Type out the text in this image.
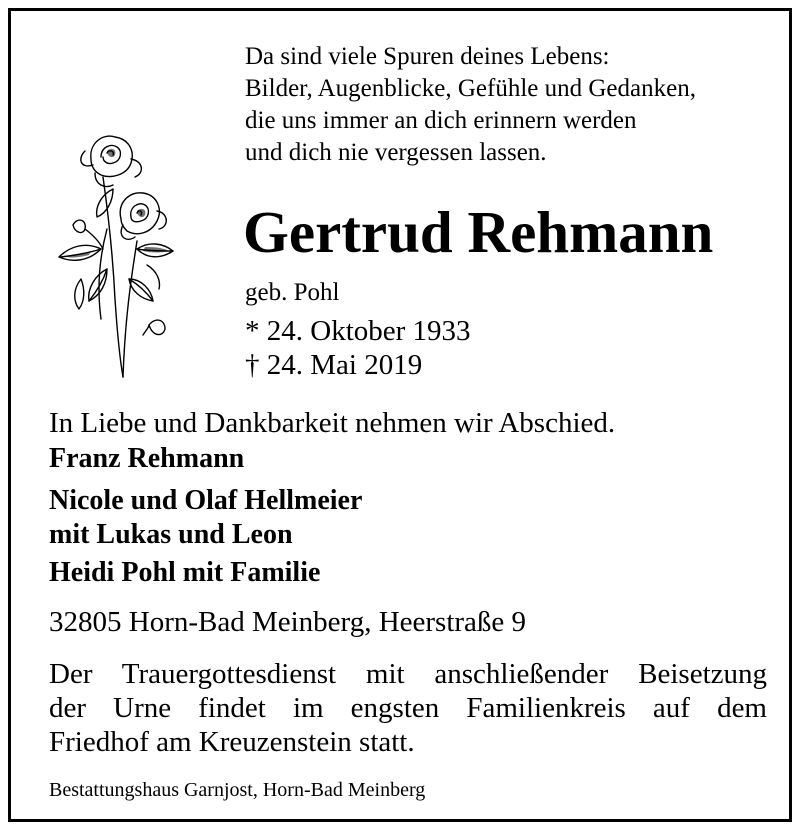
Da sind viele Spuren deines Lebens:
Bilder, Augenblicke, Gefühle und Gedanken,
die uns immer an dich erinnern werden
und dich nie vergessen lassen.
Gertrud Rehmann
geb. Pohl
* 24. Oktober 1933
† 24. Mai 2019
In Liebe und Dankbarkeit nehmen wir Abschied.
Franz Rehmann
Nicole und Olaf Hellmeier
mit Lukas und Leon
Heidi Pohl mit Familie
32805 Horn-Bad Meinberg, Heerstraße 9
Der Trauergottesdienst mit anschließender Beisetzung
der Urne findet im engsten Familienkreis auf dem
Friedhof am Kreuzenstein statt.
Bestattungshaus Garnjost, Horn-Bad Meinberg
